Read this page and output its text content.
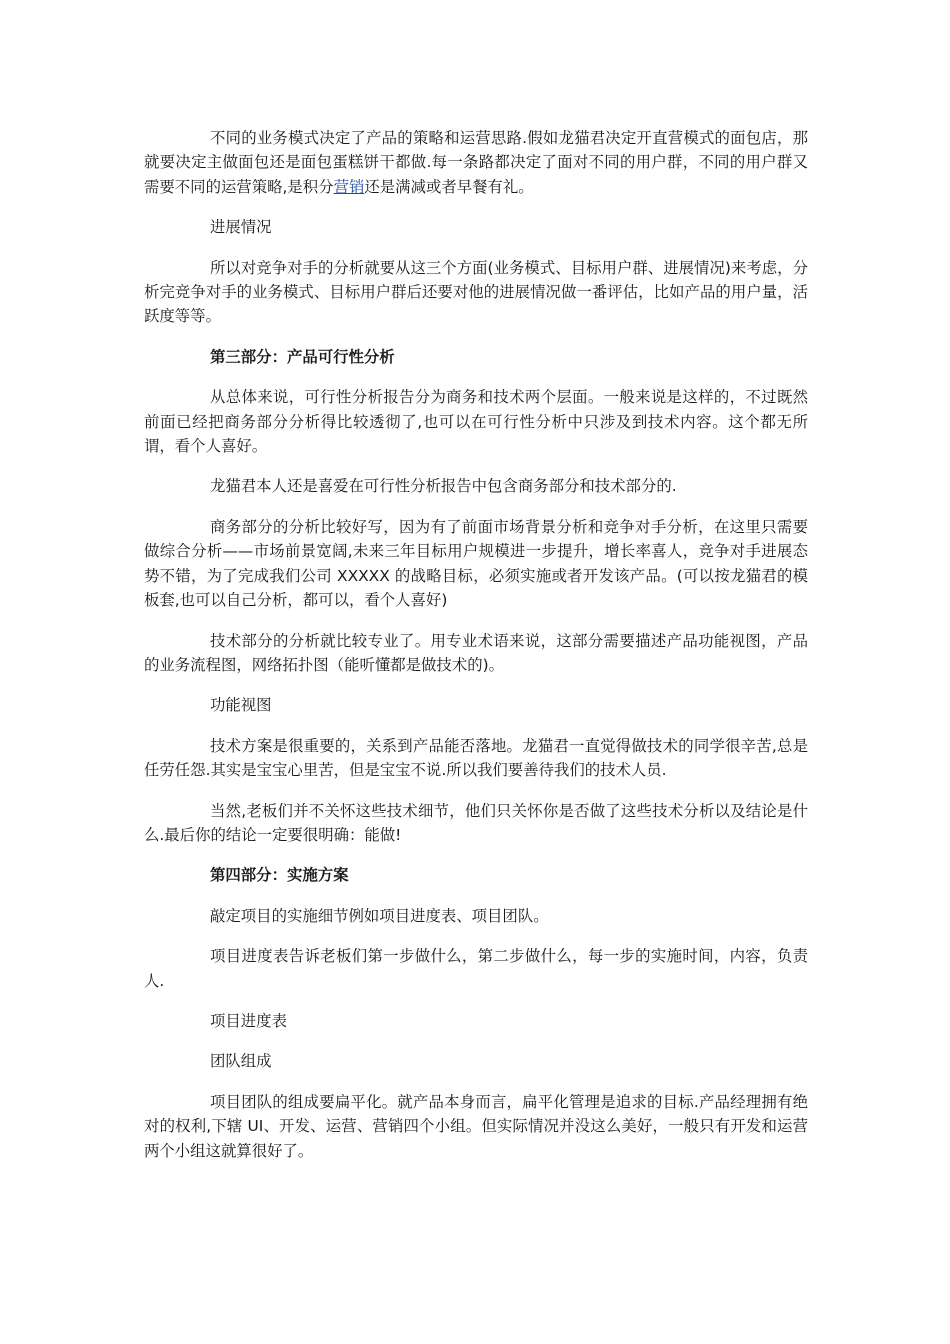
不同的业务模式决定了产品的策略和运营思路.假如龙猫君决定开直营模式的面包店，那就要决定主做面包还是面包蛋糕饼干都做.每一条路都决定了面对不同的用户群，不同的用户群又需要不同的运营策略,是积分营销还是满减或者早餐有礼。

进展情况

所以对竞争对手的分析就要从这三个方面(业务模式、目标用户群、进展情况)来考虑，分析完竞争对手的业务模式、目标用户群后还要对他的进展情况做一番评估，比如产品的用户量，活跃度等等。

第三部分：产品可行性分析

从总体来说，可行性分析报告分为商务和技术两个层面。一般来说是这样的，不过既然前面已经把商务部分分析得比较透彻了,也可以在可行性分析中只涉及到技术内容。这个都无所谓，看个人喜好。

龙猫君本人还是喜爱在可行性分析报告中包含商务部分和技术部分的.

商务部分的分析比较好写，因为有了前面市场背景分析和竞争对手分析，在这里只需要做综合分析——市场前景宽阔,未来三年目标用户规模进一步提升，增长率喜人，竞争对手进展态势不错，为了完成我们公司 XXXXX 的战略目标，必须实施或者开发该产品。(可以按龙猫君的模板套,也可以自己分析，都可以，看个人喜好)

技术部分的分析就比较专业了。用专业术语来说，这部分需要描述产品功能视图，产品的业务流程图，网络拓扑图（能听懂都是做技术的)。

功能视图

技术方案是很重要的，关系到产品能否落地。龙猫君一直觉得做技术的同学很辛苦,总是任劳任怨.其实是宝宝心里苦，但是宝宝不说.所以我们要善待我们的技术人员.

当然,老板们并不关怀这些技术细节，他们只关怀你是否做了这些技术分析以及结论是什么.最后你的结论一定要很明确：能做!

第四部分：实施方案

敲定项目的实施细节例如项目进度表、项目团队。

项目进度表告诉老板们第一步做什么，第二步做什么，每一步的实施时间，内容，负责人.

项目进度表

团队组成

项目团队的组成要扁平化。就产品本身而言，扁平化管理是追求的目标.产品经理拥有绝对的权利,下辖 UI、开发、运营、营销四个小组。但实际情况并没这么美好，一般只有开发和运营两个小组这就算很好了。
